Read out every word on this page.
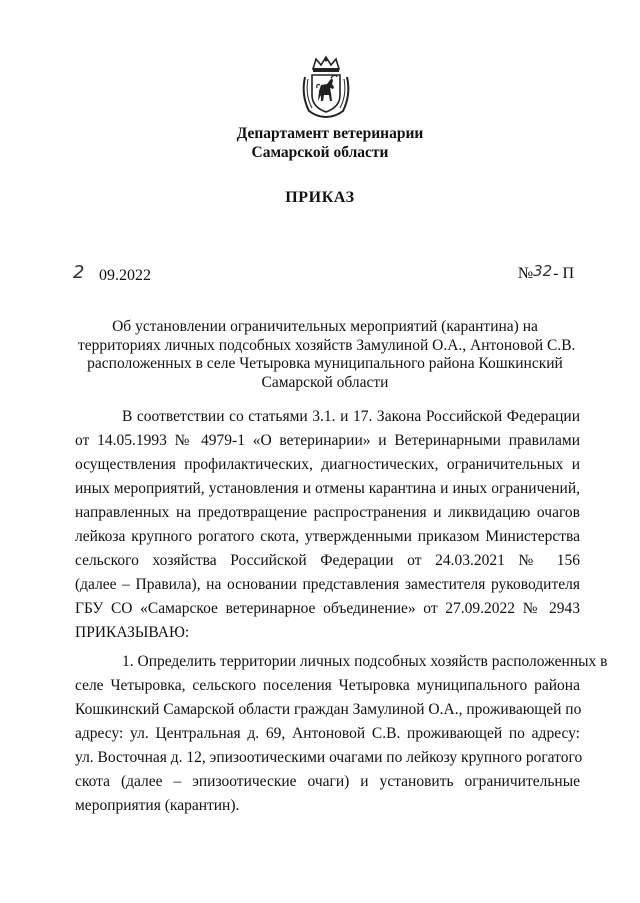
Департамент ветеринарии
Самарской области
ПРИКАЗ
2 09.2022	№32- П
Об установлении ограничительных мероприятий (карантина) на
территориях личных подсобных хозяйств Замулиной О.А., Антоновой С.В.
расположенных в селе Четыровка муниципального района Кошкинский
Самарской области
В соответствии со статьями 3.1. и 17. Закона Российской Федерации
от 14.05.1993 № 4979-1 «О ветеринарии» и Ветеринарными правилами
осуществления профилактических, диагностических, ограничительных и
иных мероприятий, установления и отмены карантина и иных ограничений,
направленных на предотвращение распространения и ликвидацию очагов
лейкоза крупного рогатого скота, утвержденными приказом Министерства
сельского хозяйства Российской Федерации от 24.03.2021 № 156
(далее – Правила), на основании представления заместителя руководителя
ГБУ СО «Самарское ветеринарное объединение» от 27.09.2022 № 2943
ПРИКАЗЫВАЮ:
1. Определить территории личных подсобных хозяйств расположенных в
селе Четыровка, сельского поселения Четыровка муниципального района
Кошкинский Самарской области граждан Замулиной О.А., проживающей по
адресу: ул. Центральная д. 69, Антоновой С.В. проживающей по адресу:
ул. Восточная д. 12, эпизоотическими очагами по лейкозу крупного рогатого
скота (далее – эпизоотические очаги) и установить ограничительные
мероприятия (карантин).
